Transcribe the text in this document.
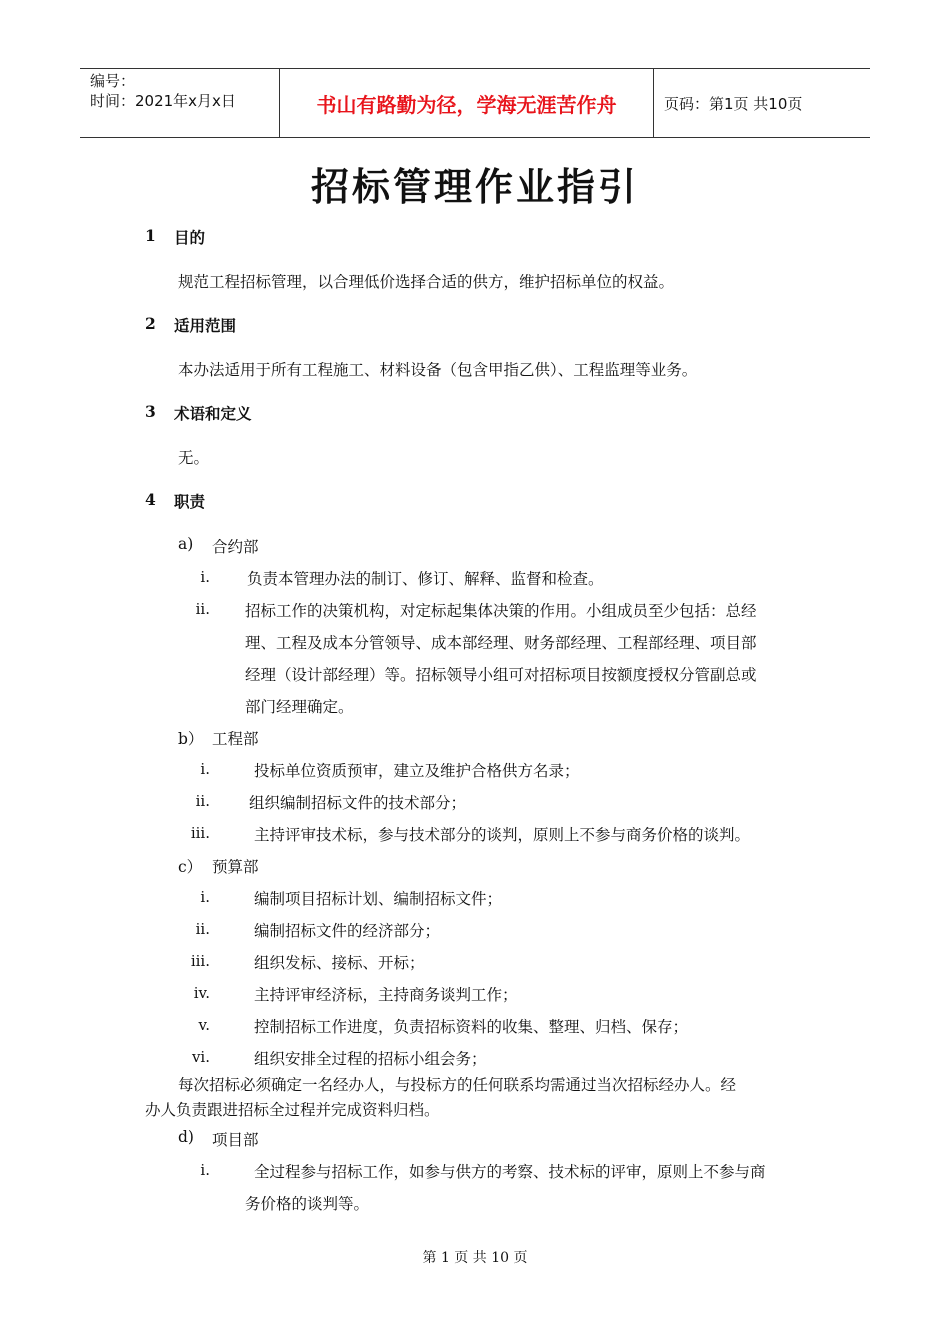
编号：
时间：2021年x月x日	书山有路勤为径，学海无涯苦作舟	页码：第1页 共10页
招标管理作业指引
1 目的
规范工程招标管理，以合理低价选择合适的供方，维护招标单位的权益。
2 适用范围
本办法适用于所有工程施工、材料设备（包含甲指乙供）、工程监理等业务。
3 术语和定义
无。
4 职责
a) 合约部
i. 负责本管理办法的制订、修订、解释、监督和检查。
ii. 招标工作的决策机构，对定标起集体决策的作用。小组成员至少包括：总经
理、工程及成本分管领导、成本部经理、财务部经理、工程部经理、项目部
经理（设计部经理）等。招标领导小组可对招标项目按额度授权分管副总或
部门经理确定。
b） 工程部
i.	投标单位资质预审，建立及维护合格供方名录；
ii.	组织编制招标文件的技术部分；
iii.	主持评审技术标，参与技术部分的谈判，原则上不参与商务价格的谈判。
c） 预算部
i.	编制项目招标计划、编制招标文件；
ii.	编制招标文件的经济部分；
iii.	组织发标、接标、开标；
iv.	主持评审经济标，主持商务谈判工作；
v.	控制招标工作进度，负责招标资料的收集、整理、归档、保存；
vi.	组织安排全过程的招标小组会务；
每次招标必须确定一名经办人，与投标方的任何联系均需通过当次招标经办人。经
办人负责跟进招标全过程并完成资料归档。
d) 项目部
i.	全过程参与招标工作，如参与供方的考察、技术标的评审，原则上不参与商
务价格的谈判等。
第 1 页 共 10 页
